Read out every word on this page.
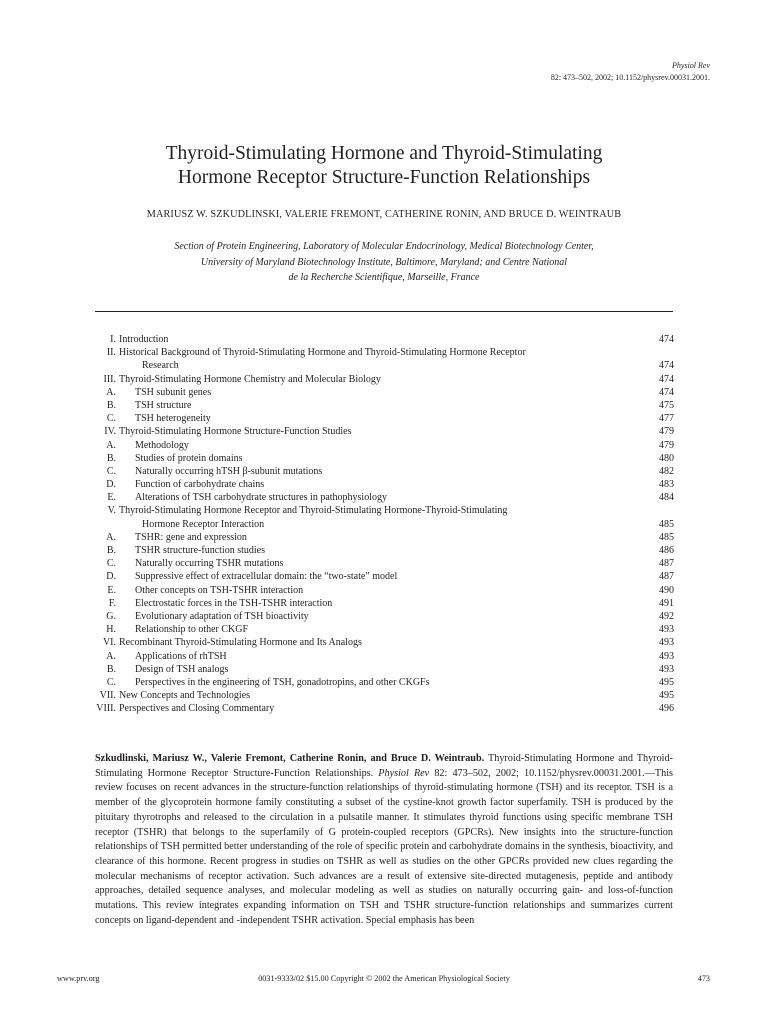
Physiol Rev
82: 473–502, 2002; 10.1152/physrev.00031.2001.
Thyroid-Stimulating Hormone and Thyroid-Stimulating
Hormone Receptor Structure-Function Relationships
MARIUSZ W. SZKUDLINSKI, VALERIE FREMONT, CATHERINE RONIN, AND BRUCE D. WEINTRAUB
Section of Protein Engineering, Laboratory of Molecular Endocrinology, Medical Biotechnology Center,
University of Maryland Biotechnology Institute, Baltimore, Maryland; and Centre National
de la Recherche Scientifique, Marseille, France
I. Introduction	474
II. Historical Background of Thyroid-Stimulating Hormone and Thyroid-Stimulating Hormone Receptor
Research	474
III. Thyroid-Stimulating Hormone Chemistry and Molecular Biology	474
A. TSH subunit genes	474
B. TSH structure	475
C. TSH heterogeneity	477
IV. Thyroid-Stimulating Hormone Structure-Function Studies	479
A. Methodology	479
B. Studies of protein domains	480
C. Naturally occurring hTSH β-subunit mutations	482
D. Function of carbohydrate chains	483
E. Alterations of TSH carbohydrate structures in pathophysiology	484
V. Thyroid-Stimulating Hormone Receptor and Thyroid-Stimulating Hormone-Thyroid-Stimulating
Hormone Receptor Interaction	485
A. TSHR: gene and expression	485
B. TSHR structure-function studies	486
C. Naturally occurring TSHR mutations	487
D. Suppressive effect of extracellular domain: the “two-state” model	487
E. Other concepts on TSH-TSHR interaction	490
F. Electrostatic forces in the TSH-TSHR interaction	491
G. Evolutionary adaptation of TSH bioactivity	492
H. Relationship to other CKGF	493
VI. Recombinant Thyroid-Stimulating Hormone and Its Analogs	493
A. Applications of rhTSH	493
B. Design of TSH analogs	493
C. Perspectives in the engineering of TSH, gonadotropins, and other CKGFs	495
VII. New Concepts and Technologies	495
VIII. Perspectives and Closing Commentary	496
Szkudlinski, Mariusz W., Valerie Fremont, Catherine Ronin, and Bruce D. Weintraub. Thyroid-Stimulating Hormone and Thyroid-Stimulating Hormone Receptor Structure-Function Relationships. Physiol Rev 82: 473–502, 2002; 10.1152/physrev.00031.2001.—This review focuses on recent advances in the structure-function relationships of thyroid-stimulating hormone (TSH) and its receptor. TSH is a member of the glycoprotein hormone family constituting a subset of the cystine-knot growth factor superfamily. TSH is produced by the pituitary thyrotrophs and released to the circulation in a pulsatile manner. It stimulates thyroid functions using specific membrane TSH receptor (TSHR) that belongs to the superfamily of G protein-coupled receptors (GPCRs). New insights into the structure-function relationships of TSH permitted better understanding of the role of specific protein and carbohydrate domains in the synthesis, bioactivity, and clearance of this hormone. Recent progress in studies on TSHR as well as studies on the other GPCRs provided new clues regarding the molecular mechanisms of receptor activation. Such advances are a result of extensive site-directed mutagenesis, peptide and antibody approaches, detailed sequence analyses, and molecular modeling as well as studies on naturally occurring gain- and loss-of-function mutations. This review integrates expanding information on TSH and TSHR structure-function relationships and summarizes current concepts on ligand-dependent and -independent TSHR activation. Special emphasis has been
www.prv.org	0031-9333/02 $15.00 Copyright © 2002 the American Physiological Society	473
